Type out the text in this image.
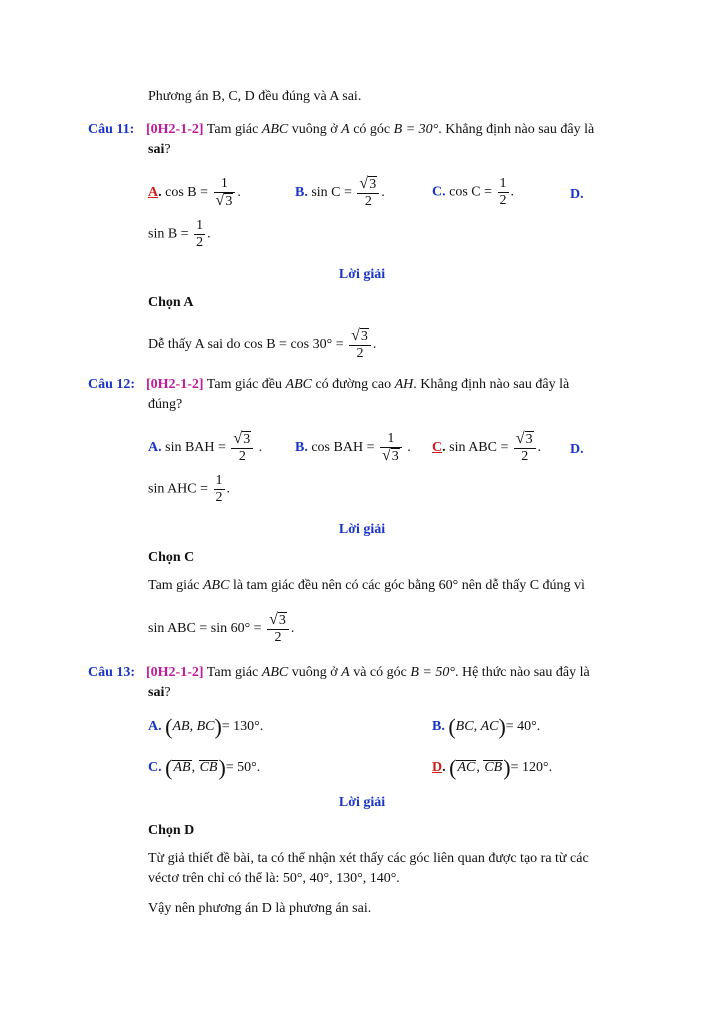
Phương án B, C, D đều đúng và A sai.
Câu 11: [0H2-1-2] Tam giác ABC vuông ở A có góc B = 30°. Khẳng định nào sau đây là
sai?
A. $\cos B = \frac{1}{√3}$ .	B. $\sin C = \frac{√3}{2}$ .	C. $\cos C = \frac{1}{2}$ .	D.
$\sin B = \frac{1}{2}$ .
Lời giải
Chọn A
Dễ thấy A sai do $\cos B = \cos 30^\circ = \frac{√3}{2}$ .
Câu 12: [0H2-1-2] Tam giác đều ABC có đường cao AH. Khẳng định nào sau đây là
đúng?
A. sin BAH = $\frac{√3}{2}$ . B. cos BAH = $\frac{1}{√3}$ . C. sin ABC = $\frac{√3}{2}$ . D.
sin AHC = $\frac{1}{2}$ .
Lời giải
Chọn C
Tam giác ABC là tam giác đều nên có các góc bằng 60° nên dễ thấy C đúng vì
sin ABC = $\sin 60^\circ = \frac{√3}{2}$ .
Câu 13: [0H2-1-2] Tam giác ABC vuông ở A và có góc B = 50°. Hệ thức nào sau đây là
sai?
A. (AB, BC)= 130°.	B. (BC, AC)= 40°.
C. (AB, CB)= 50°.	D. (AC, CB)= 120°.
Lời giải
Chọn D
Từ giả thiết đề bài, ta có thể nhận xét thấy các góc liên quan được tạo ra từ các
véctơ trên chỉ có thể là: 50°, 40°, 130°, 140°.
Vậy nên phương án D là phương án sai.
